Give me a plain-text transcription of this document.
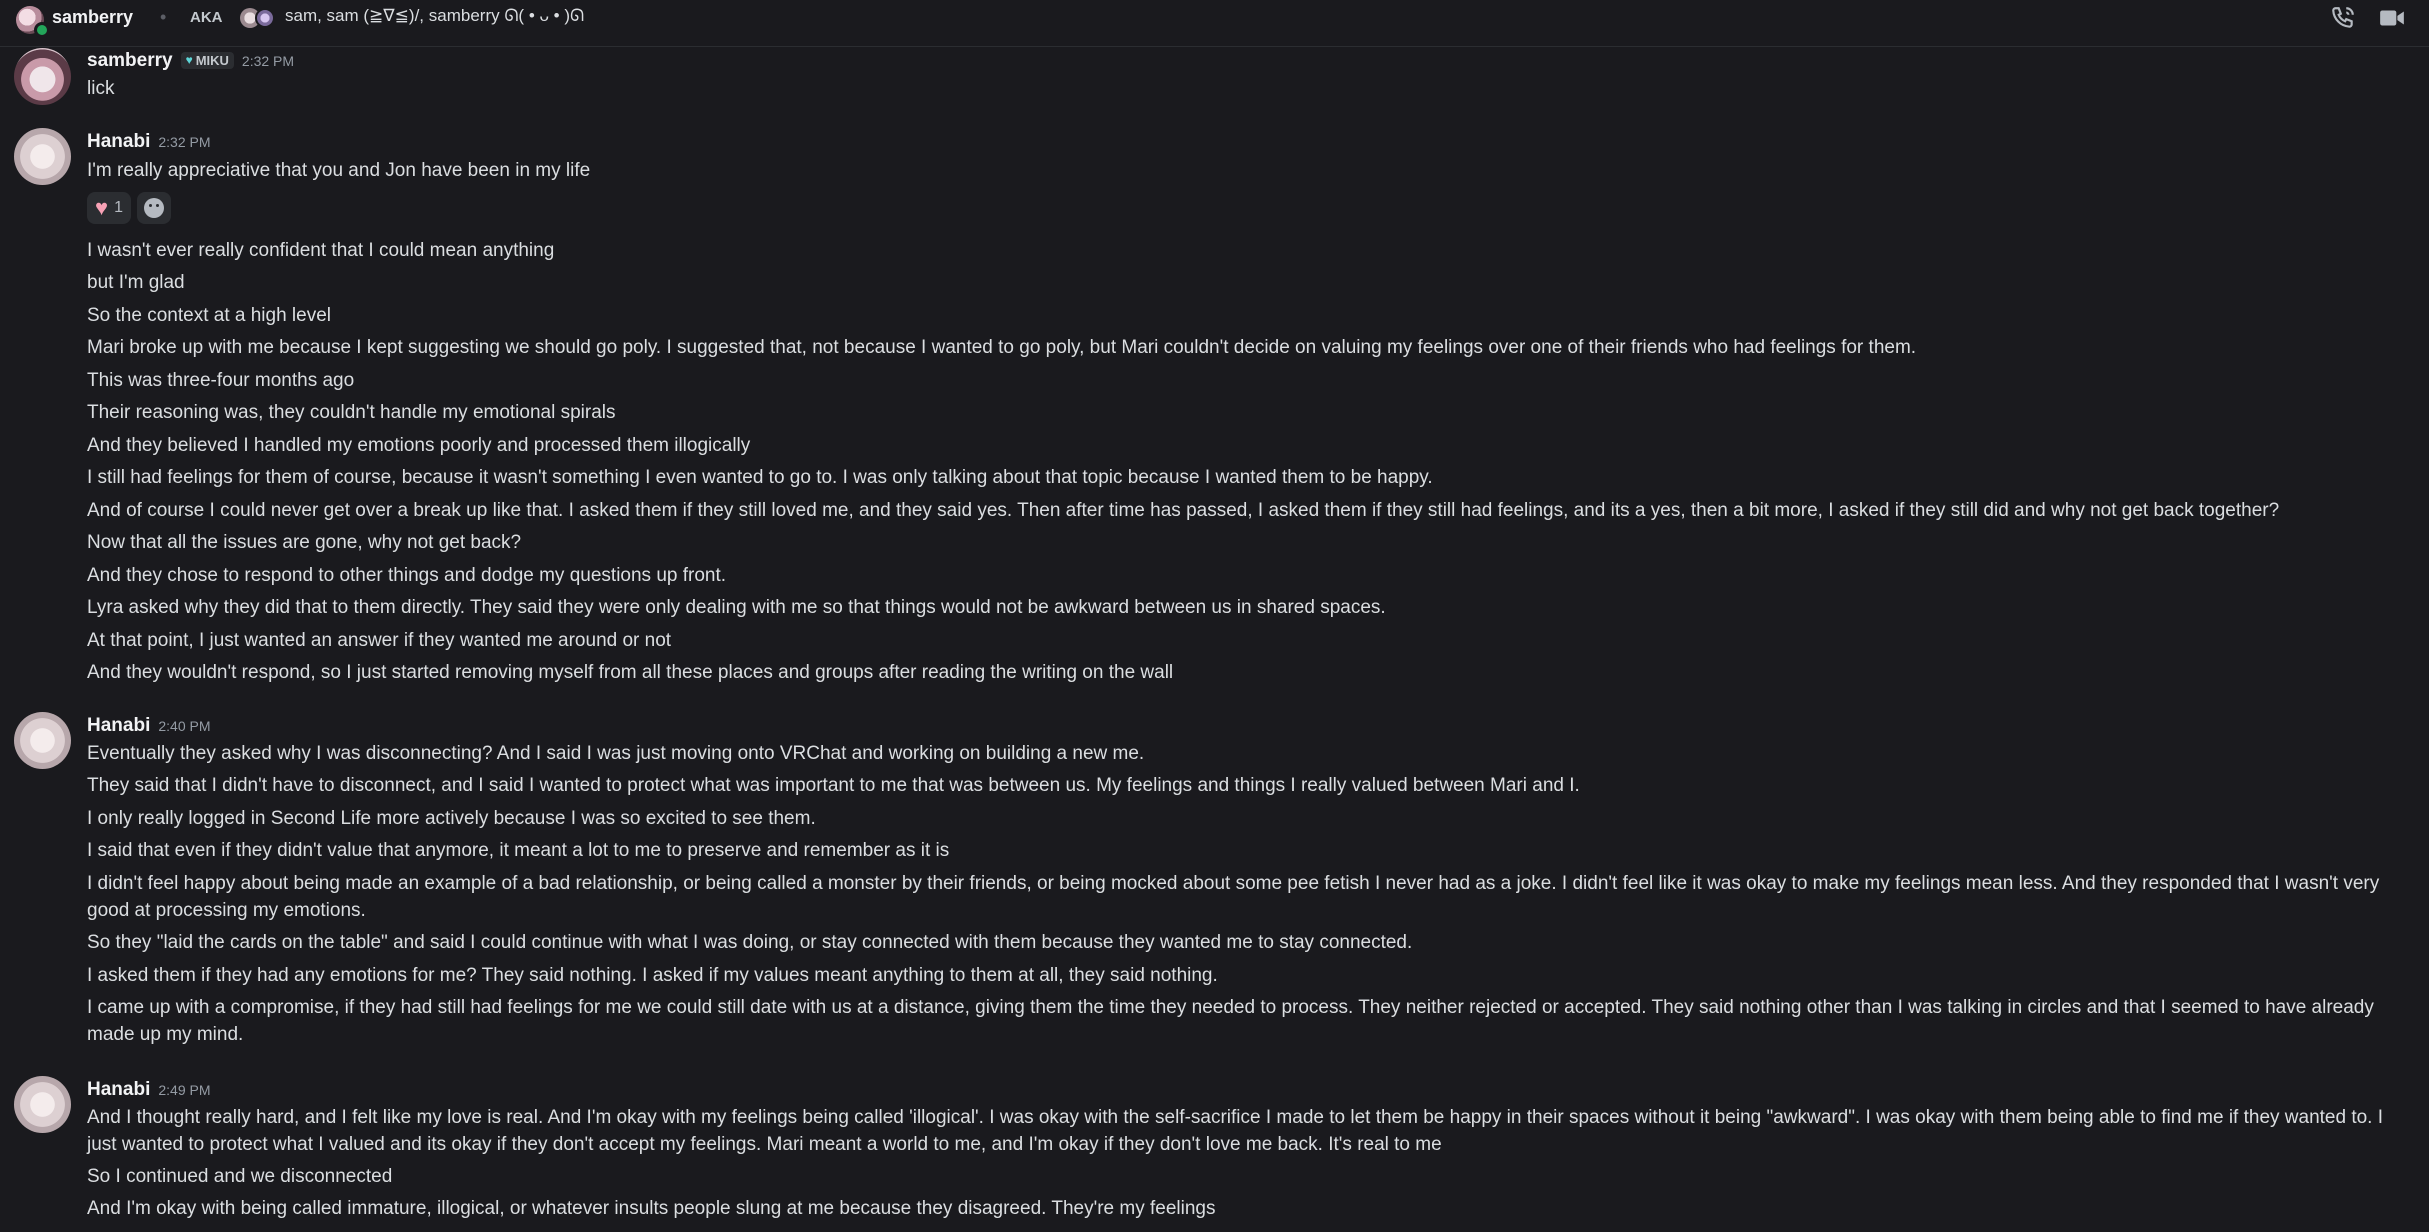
samberry • AKA	sam, sam (≧∇≦)/, samberry ᘏ( • ᴗ • )ᘏ
samberry ♥ MIKU 2:32 PM
lick
Hanabi 2:32 PM
I'm really appreciative that you and Jon have been in my life
♥ 1
I wasn't ever really confident that I could mean anything
but I'm glad
So the context at a high level
Mari broke up with me because I kept suggesting we should go poly. I suggested that, not because I wanted to go poly, but Mari couldn't decide on valuing my feelings over one of their friends who had feelings for them.
This was three-four months ago
Their reasoning was, they couldn't handle my emotional spirals
And they believed I handled my emotions poorly and processed them illogically
I still had feelings for them of course, because it wasn't something I even wanted to go to. I was only talking about that topic because I wanted them to be happy.
And of course I could never get over a break up like that. I asked them if they still loved me, and they said yes. Then after time has passed, I asked them if they still had feelings, and its a yes, then a bit more, I asked if they still did and why not get back together?
Now that all the issues are gone, why not get back?
And they chose to respond to other things and dodge my questions up front.
Lyra asked why they did that to them directly. They said they were only dealing with me so that things would not be awkward between us in shared spaces.
At that point, I just wanted an answer if they wanted me around or not
And they wouldn't respond, so I just started removing myself from all these places and groups after reading the writing on the wall
Hanabi 2:40 PM
Eventually they asked why I was disconnecting? And I said I was just moving onto VRChat and working on building a new me.
They said that I didn't have to disconnect, and I said I wanted to protect what was important to me that was between us. My feelings and things I really valued between Mari and I.
I only really logged in Second Life more actively because I was so excited to see them.
I said that even if they didn't value that anymore, it meant a lot to me to preserve and remember as it is
I didn't feel happy about being made an example of a bad relationship, or being called a monster by their friends, or being mocked about some pee fetish I never had as a joke. I didn't feel like it was okay to make my feelings mean less. And they responded that I wasn't very good at processing my emotions.
So they "laid the cards on the table" and said I could continue with what I was doing, or stay connected with them because they wanted me to stay connected.
I asked them if they had any emotions for me? They said nothing. I asked if my values meant anything to them at all, they said nothing.
I came up with a compromise, if they had still had feelings for me we could still date with us at a distance, giving them the time they needed to process. They neither rejected or accepted. They said nothing other than I was talking in circles and that I seemed to have already made up my mind.
Hanabi 2:49 PM
And I thought really hard, and I felt like my love is real. And I'm okay with my feelings being called 'illogical'. I was okay with the self-sacrifice I made to let them be happy in their spaces without it being "awkward". I was okay with them being able to find me if they wanted to. I just wanted to protect what I valued and its okay if they don't accept my feelings. Mari meant a world to me, and I'm okay if they don't love me back. It's real to me
So I continued and we disconnected
And I'm okay with being called immature, illogical, or whatever insults people slung at me because they disagreed. They're my feelings
